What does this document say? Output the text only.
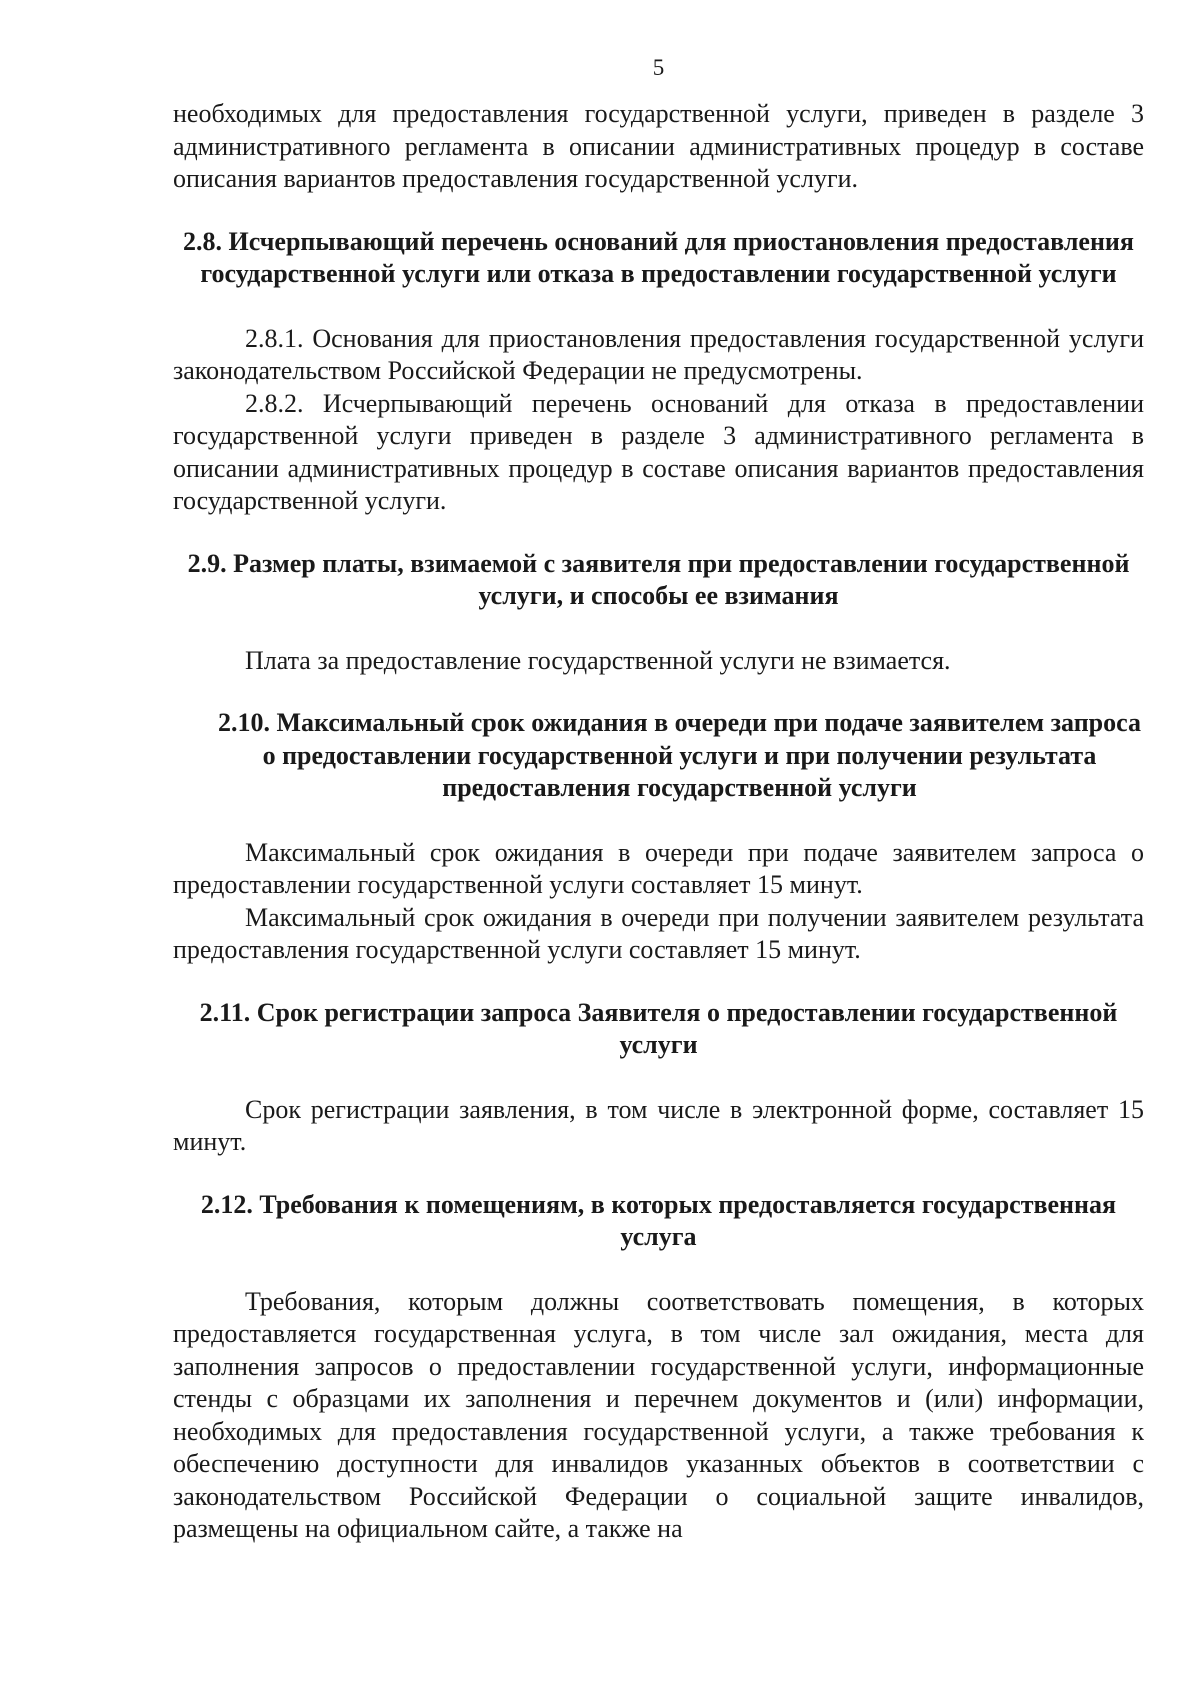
5

необходимых для предоставления государственной услуги, приведен в разделе 3 административного регламента в описании административных процедур в составе описания вариантов предоставления государственной услуги.

2.8. Исчерпывающий перечень оснований для приостановления предоставления государственной услуги или отказа в предоставлении государственной услуги

2.8.1. Основания для приостановления предоставления государственной услуги законодательством Российской Федерации не предусмотрены.

2.8.2. Исчерпывающий перечень оснований для отказа в предоставлении государственной услуги приведен в разделе 3 административного регламента в описании административных процедур в составе описания вариантов предоставления государственной услуги.

2.9. Размер платы, взимаемой с заявителя при предоставлении государственной услуги, и способы ее взимания

Плата за предоставление государственной услуги не взимается.

2.10. Максимальный срок ожидания в очереди при подаче заявителем запроса о предоставлении государственной услуги и при получении результата предоставления государственной услуги

Максимальный срок ожидания в очереди при подаче заявителем запроса о предоставлении государственной услуги составляет 15 минут.

Максимальный срок ожидания в очереди при получении заявителем результата предоставления государственной услуги составляет 15 минут.

2.11. Срок регистрации запроса Заявителя о предоставлении государственной услуги

Срок регистрации заявления, в том числе в электронной форме, составляет 15 минут.

2.12. Требования к помещениям, в которых предоставляется государственная услуга

Требования, которым должны соответствовать помещения, в которых предоставляется государственная услуга, в том числе зал ожидания, места для заполнения запросов о предоставлении государственной услуги, информационные стенды с образцами их заполнения и перечнем документов и (или) информации, необходимых для предоставления государственной услуги, а также требования к обеспечению доступности для инвалидов указанных объектов в соответствии с законодательством Российской Федерации о социальной защите инвалидов, размещены на официальном сайте, а также на
